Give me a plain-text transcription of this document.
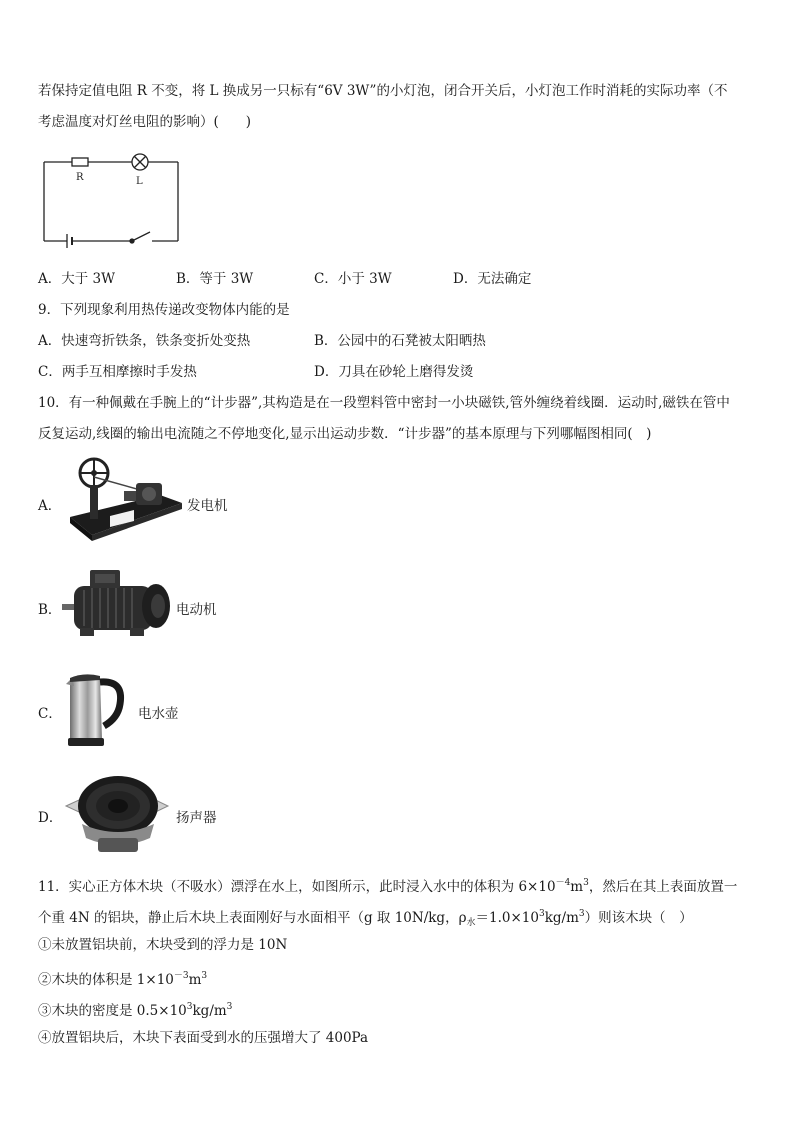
若保持定值电阻 R 不变，将 L 换成另一只标有“6V 3W”的小灯泡，闭合开关后，小灯泡工作时消耗的实际功率（不
考虑温度对灯丝电阻的影响）(　　)
R	L
A．大于 3W	B．等于 3W	C．小于 3W	D．无法确定
9．下列现象利用热传递改变物体内能的是
A．快速弯折铁条，铁条变折处变热	B．公园中的石凳被太阳晒热
C．两手互相摩擦时手发热	D．刀具在砂轮上磨得发烫
10．有一种佩戴在手腕上的“计步器”,其构造是在一段塑料管中密封一小块磁铁,管外缠绕着线圈．运动时,磁铁在管中
反复运动,线圈的输出电流随之不停地变化,显示出运动步数．“计步器”的基本原理与下列哪幅图相同(　)
A．	发电机
B．	电动机
C．	电水壶
D．	扬声器
11．实心正方体木块（不吸水）漂浮在水上，如图所示，此时浸入水中的体积为 $6\times 10^{-4}m^3$，然后在其上表面放置一
个重 4N 的铝块，静止后木块上表面刚好与水面相平（g 取 10N/kg，$\rho_水=1.0\times 10^3kg/m^3$）则该木块（　）
①未放置铝块前，木块受到的浮力是 10N
②木块的体积是 $1\times 10^{-3}m^3$
③木块的密度是 $0.5\times 10^3kg/m^3$
④放置铝块后，木块下表面受到水的压强增大了 400Pa
